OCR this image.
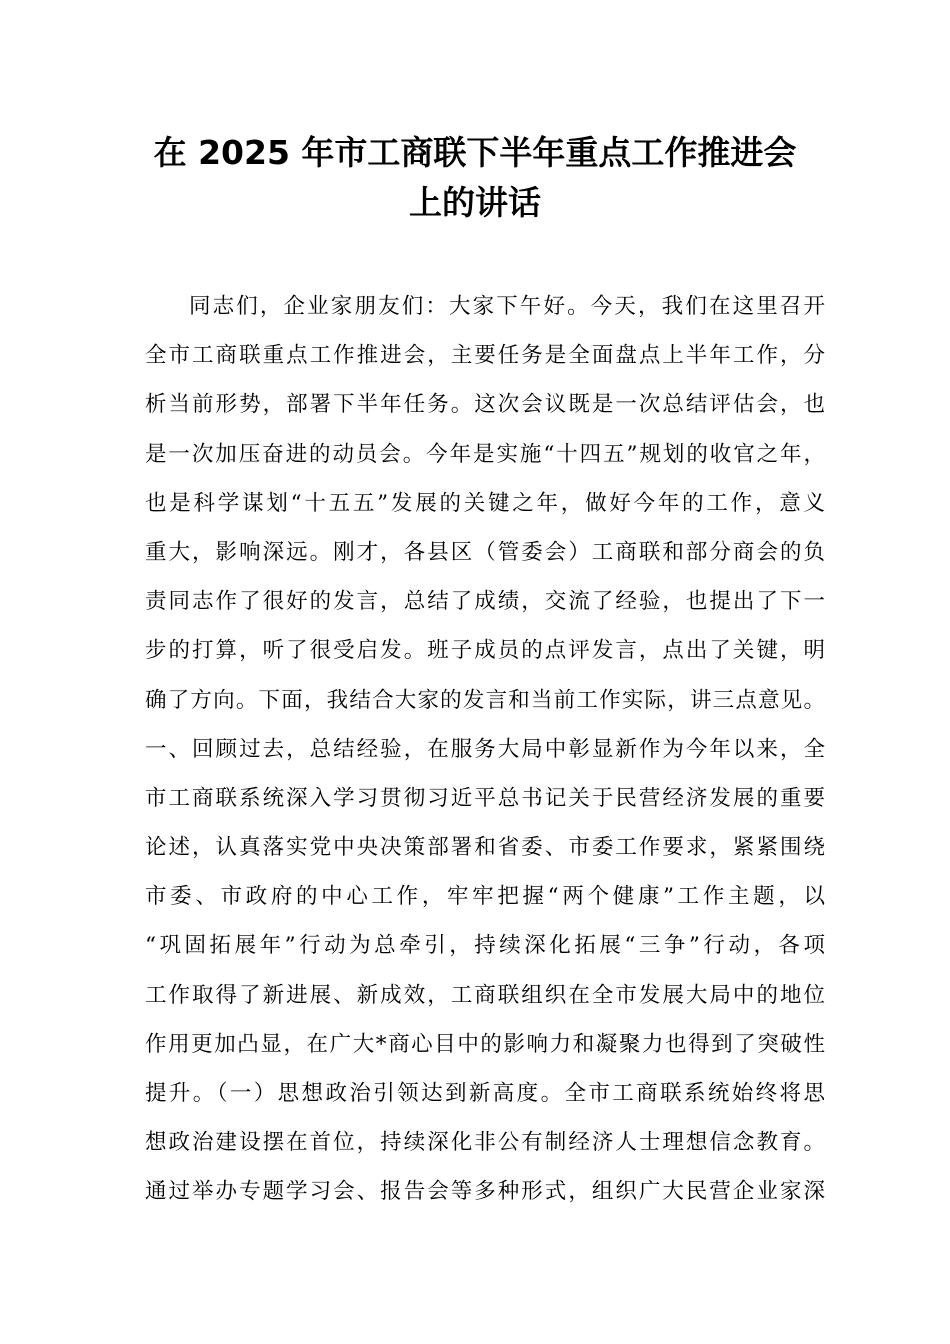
在 2025 年市工商联下半年重点工作推进会
上的讲话
同志们，企业家朋友们：大家下午好。今天，我们在这里召开
全市工商联重点工作推进会，主要任务是全面盘点上半年工作，分
析当前形势，部署下半年任务。这次会议既是一次总结评估会，也
是一次加压奋进的动员会。今年是实施“十四五”规划的收官之年，
也是科学谋划“十五五”发展的关键之年，做好今年的工作，意义
重大，影响深远。刚才，各县区（管委会）工商联和部分商会的负
责同志作了很好的发言，总结了成绩，交流了经验，也提出了下一
步的打算，听了很受启发。班子成员的点评发言，点出了关键，明
确了方向。下面，我结合大家的发言和当前工作实际，讲三点意见。
一、回顾过去，总结经验，在服务大局中彰显新作为今年以来，全
市工商联系统深入学习贯彻习近平总书记关于民营经济发展的重要
论述，认真落实党中央决策部署和省委、市委工作要求，紧紧围绕
市委、市政府的中心工作，牢牢把握“两个健康”工作主题，以
“巩固拓展年”行动为总牵引，持续深化拓展“三争”行动，各项
工作取得了新进展、新成效，工商联组织在全市发展大局中的地位
作用更加凸显，在广大*商心目中的影响力和凝聚力也得到了突破性
提升。（一）思想政治引领达到新高度。全市工商联系统始终将思
想政治建设摆在首位，持续深化非公有制经济人士理想信念教育。
通过举办专题学习会、报告会等多种形式，组织广大民营企业家深
